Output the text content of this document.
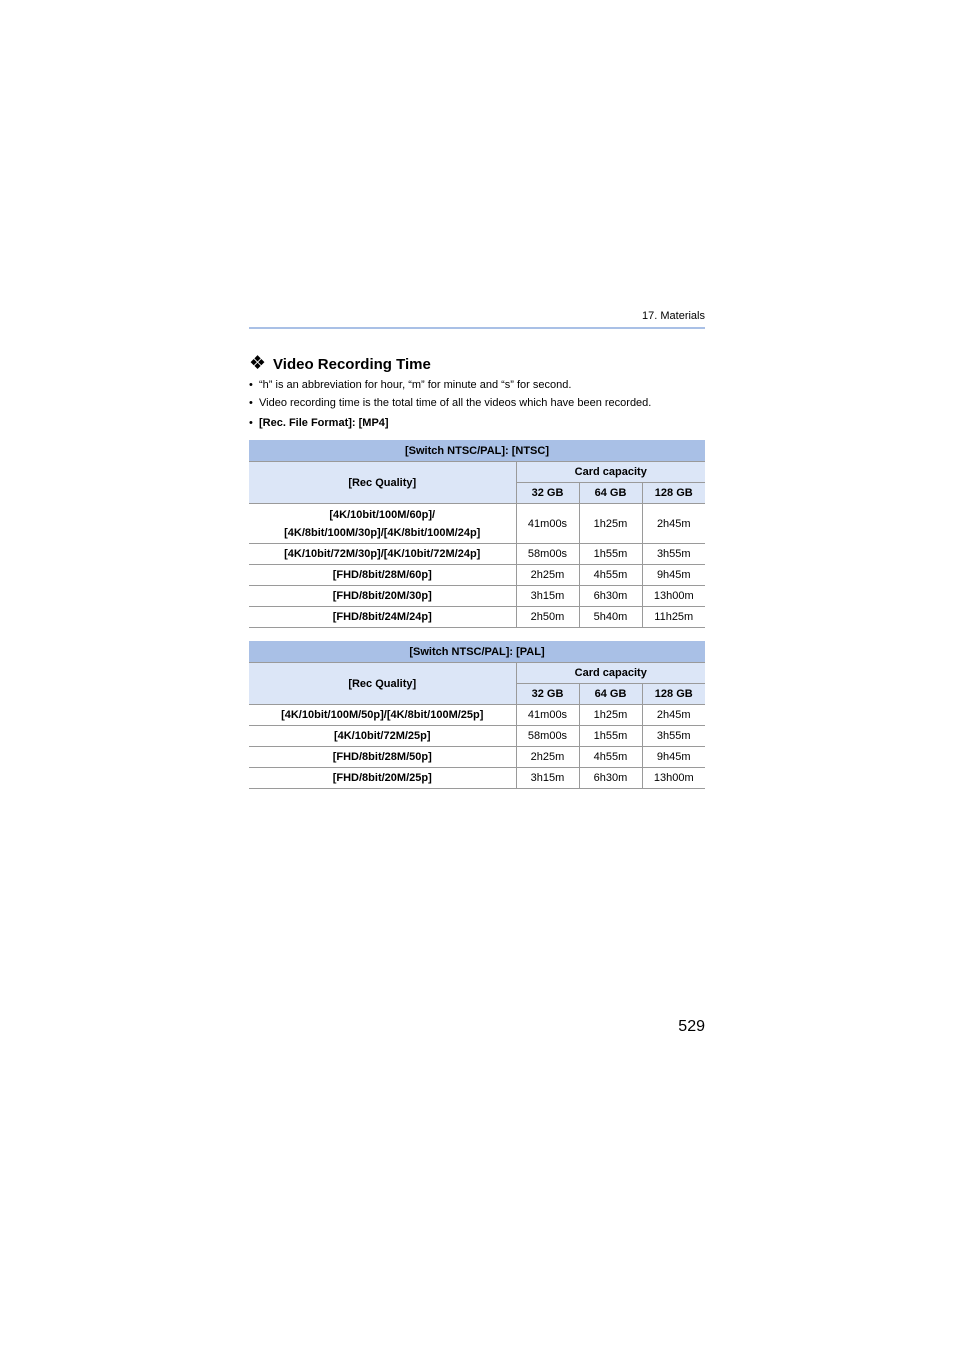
17. Materials
❖ Video Recording Time
• “h” is an abbreviation for hour, “m” for minute and “s” for second.
• Video recording time is the total time of all the videos which have been recorded.
• [Rec. File Format]: [MP4]
[Switch NTSC/PAL]: [NTSC]			
[Rec Quality]	Card capacity		
	32 GB	64 GB	128 GB
[4K/10bit/100M/60p]/
[4K/8bit/100M/30p]/[4K/8bit/100M/24p]	41m00s	1h25m	2h45m
[4K/10bit/72M/30p]/[4K/10bit/72M/24p]	58m00s	1h55m	3h55m
[FHD/8bit/28M/60p]	2h25m	4h55m	9h45m
[FHD/8bit/20M/30p]	3h15m	6h30m	13h00m
[FHD/8bit/24M/24p]	2h50m	5h40m	11h25m
[Switch NTSC/PAL]: [PAL]			
[Rec Quality]	Card capacity		
	32 GB	64 GB	128 GB
[4K/10bit/100M/50p]/[4K/8bit/100M/25p]	41m00s	1h25m	2h45m
[4K/10bit/72M/25p]	58m00s	1h55m	3h55m
[FHD/8bit/28M/50p]	2h25m	4h55m	9h45m
[FHD/8bit/20M/25p]	3h15m	6h30m	13h00m
529
